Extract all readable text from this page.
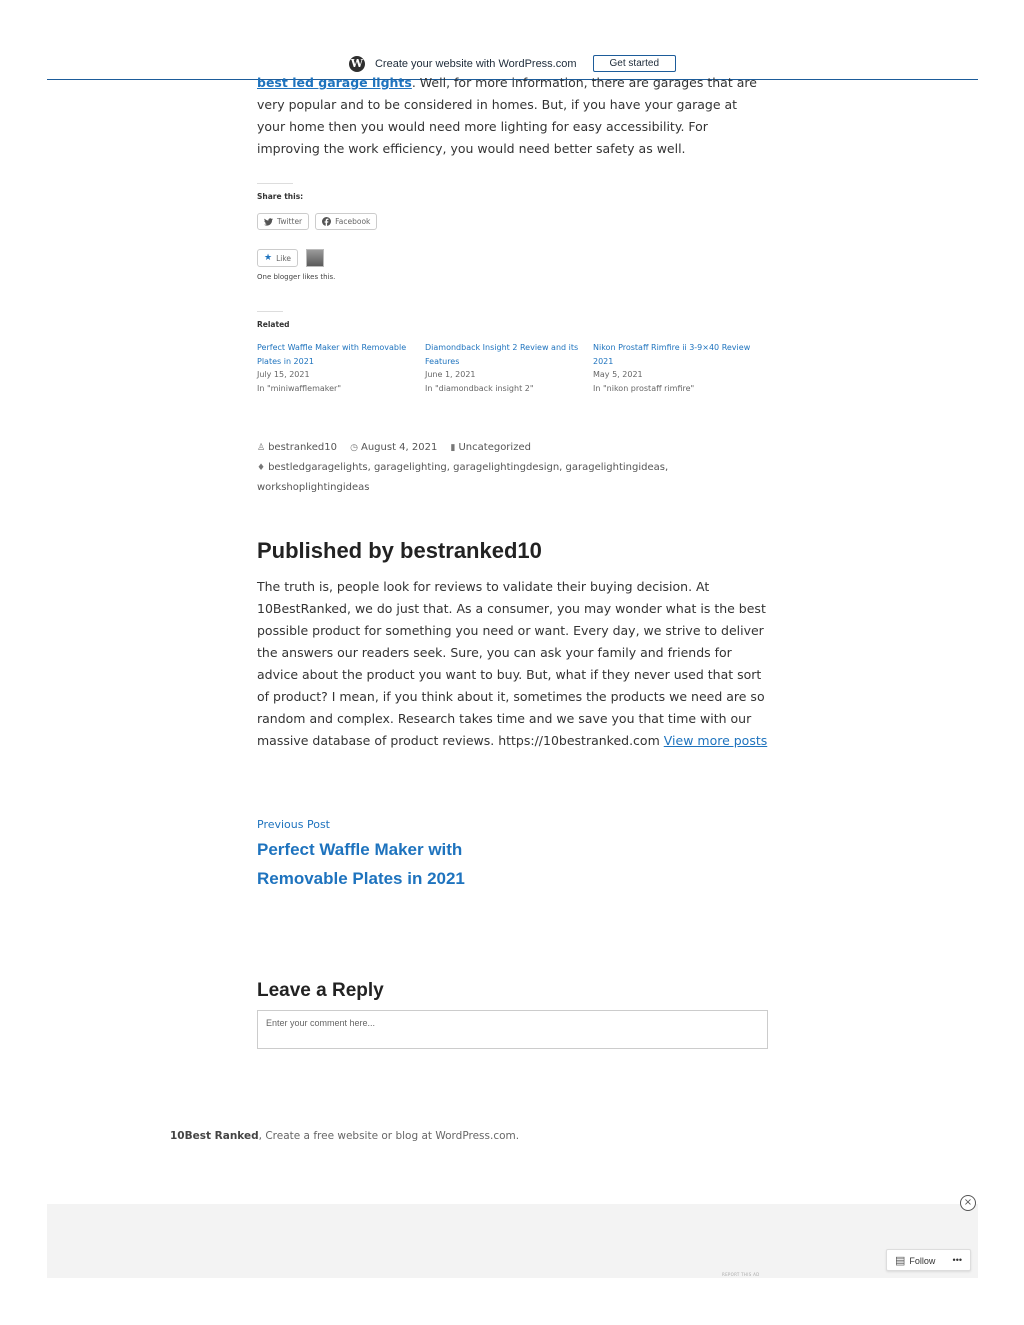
W Create your website with WordPress.com	Get started
best led garage lights. Well, for more information, there are garages that are very popular and to be considered in homes. But, if you have your garage at your home then you would need more lighting for easy accessibility. For improving the work efficiency, you would need better safety as well.
Share this:
Twitter	Facebook
★ Like
One blogger likes this.
Related
Perfect Waffle Maker with Removable Plates in 2021
July 15, 2021
In "miniwafflemaker"
Diamondback Insight 2 Review and its Features
June 1, 2021
In "diamondback insight 2"
Nikon Prostaff Rimfire ii 3-9×40 Review 2021
May 5, 2021
In "nikon prostaff rimfire"
♙ bestranked10 ◷ August 4, 2021 ▮ Uncategorized
♦ bestledgaragelights, garagelighting, garagelightingdesign, garagelightingideas,
workshoplightingideas
Published by bestranked10
The truth is, people look for reviews to validate their buying decision. At 10BestRanked, we do just that. As a consumer, you may wonder what is the best possible product for something you need or want. Every day, we strive to deliver the answers our readers seek. Sure, you can ask your family and friends for advice about the product you want to buy. But, what if they never used that sort of product? I mean, if you think about it, sometimes the products we need are so random and complex. Research takes time and we save you that time with our massive database of product reviews. https://10bestranked.com View more posts
Previous Post
Perfect Waffle Maker with Removable Plates in 2021
Leave a Reply
Enter your comment here...
10Best Ranked, Create a free website or blog at WordPress.com.
×
REPORT THIS AD
▤ Follow •••
